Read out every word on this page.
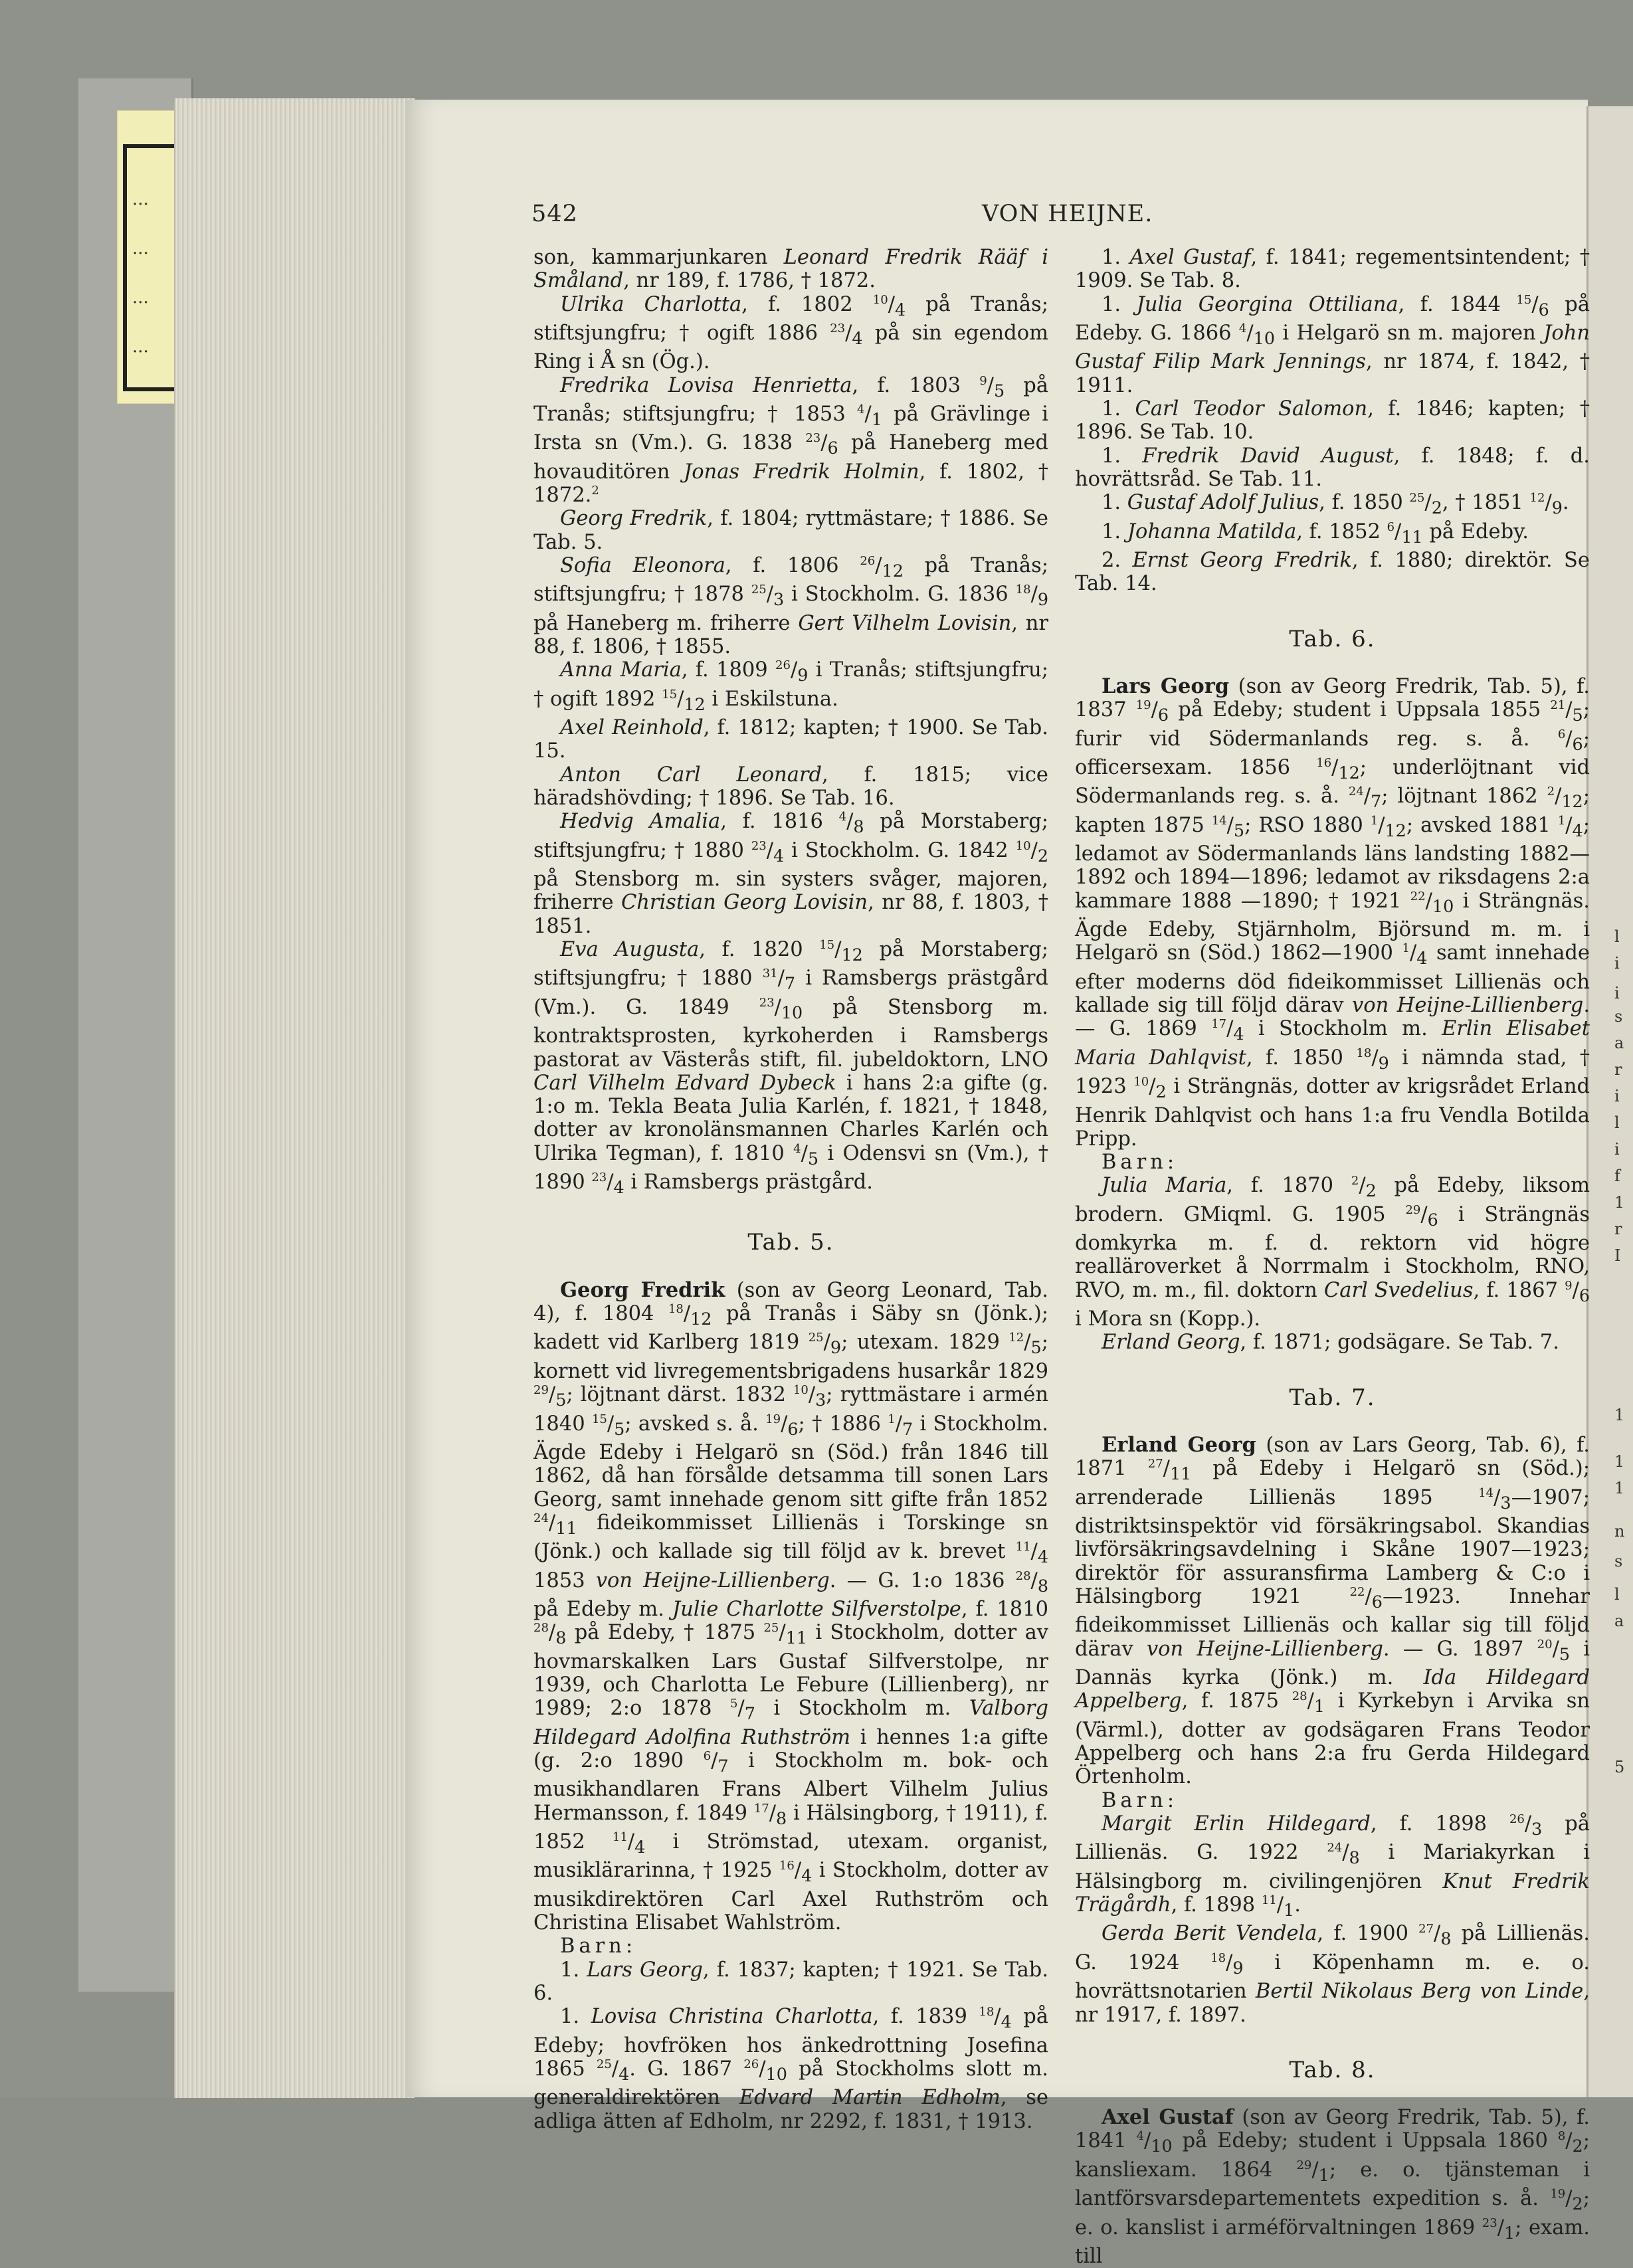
...
...
...
...
542	VON HEIJNE.

son, kammarjunkaren Leonard Fredrik Rääf i Småland, nr 189, f. 1786, † 1872.

Ulrika Charlotta, f. 1802 $^{10}/_4$ på Tranås; stiftsjungfru; † ogift 1886 $^{23}/_4$ på sin egendom Ring i Å sn (Ög.).

Fredrika Lovisa Henrietta, f. 1803 $^9/_5$ på Tranås; stiftsjungfru; † 1853 $^4/_1$ på Grävlinge i Irsta sn (Vm.). G. 1838 $^{23}/_6$ på Haneberg med hovauditören Jonas Fredrik Holmin, f. 1802, † 1872.$^2$

Georg Fredrik, f. 1804; ryttmästare; † 1886. Se Tab. 5.

Sofia Eleonora, f. 1806 $^{26}/_{12}$ på Tranås; stiftsjungfru; † 1878 $^{25}/_3$ i Stockholm. G. 1836 $^{18}/_9$ på Haneberg m. friherre Gert Vilhelm Lovisin, nr 88, f. 1806, † 1855.

Anna Maria, f. 1809 $^{26}/_9$ i Tranås; stiftsjungfru; † ogift 1892 $^{15}/_{12}$ i Eskilstuna.

Axel Reinhold, f. 1812; kapten; † 1900. Se Tab. 15.

Anton Carl Leonard, f. 1815; vice häradshövding; † 1896. Se Tab. 16.

Hedvig Amalia, f. 1816 $^4/_8$ på Morstaberg; stiftsjungfru; † 1880 $^{23}/_4$ i Stockholm. G. 1842 $^{10}/_2$ på Stensborg m. sin systers svåger, majoren, friherre Christian Georg Lovisin, nr 88, f. 1803, † 1851.

Eva Augusta, f. 1820 $^{15}/_{12}$ på Morstaberg; stiftsjungfru; † 1880 $^{31}/_7$ i Ramsbergs prästgård (Vm.). G. 1849 $^{23}/_{10}$ på Stensborg m. kontraktsprosten, kyrkoherden i Ramsbergs pastorat av Västerås stift, fil. jubeldoktorn, LNO Carl Vilhelm Edvard Dybeck i hans 2:a gifte (g. 1:o m. Tekla Beata Julia Karlén, f. 1821, † 1848, dotter av kronolänsmannen Charles Karlén och Ulrika Tegman), f. 1810 $^4/_5$ i Odensvi sn (Vm.), † 1890 $^{23}/_4$ i Ramsbergs prästgård.

Tab. 5.

Georg Fredrik (son av Georg Leonard, Tab. 4), f. 1804 $^{18}/_{12}$ på Tranås i Säby sn (Jönk.); kadett vid Karlberg 1819 $^{25}/_9$; utexam. 1829 $^{12}/_5$; kornett vid livregementsbrigadens husarkår 1829 $^{29}/_5$; löjtnant därst. 1832 $^{10}/_3$; ryttmästare i armén 1840 $^{15}/_5$; avsked s. å. $^{19}/_6$; † 1886 $^1/_7$ i Stockholm. Ägde Edeby i Helgarö sn (Söd.) från 1846 till 1862, då han försålde detsamma till sonen Lars Georg, samt innehade genom sitt gifte från 1852 $^{24}/_{11}$ fideikommisset Lillienäs i Torskinge sn (Jönk.) och kallade sig till följd av k. brevet $^{11}/_4$ 1853 von Heijne-Lillienberg. — G. 1:o 1836 $^{28}/_8$ på Edeby m. Julie Charlotte Silfverstolpe, f. 1810 $^{28}/_8$ på Edeby, † 1875 $^{25}/_{11}$ i Stockholm, dotter av hovmarskalken Lars Gustaf Silfverstolpe, nr 1939, och Charlotta Le Febure (Lillienberg), nr 1989; 2:o 1878 $^5/_7$ i Stockholm m. Valborg Hildegard Adolfina Ruthström i hennes 1:a gifte (g. 2:o 1890 $^6/_7$ i Stockholm m. bok- och musikhandlaren Frans Albert Vilhelm Julius Hermansson, f. 1849 $^{17}/_8$ i Hälsingborg, † 1911), f. 1852 $^{11}/_4$ i Strömstad, utexam. organist, musiklärarinna, † 1925 $^{16}/_4$ i Stockholm, dotter av musikdirektören Carl Axel Ruthström och Christina Elisabet Wahlström.

Barn:

1. Lars Georg, f. 1837; kapten; † 1921. Se Tab. 6.

1. Lovisa Christina Charlotta, f. 1839 $^{18}/_4$ på Edeby; hovfröken hos änkedrottning Josefina 1865 $^{25}/_4$. G. 1867 $^{26}/_{10}$ på Stockholms slott m. generaldirektören Edvard Martin Edholm, se adliga ätten af Edholm, nr 2292, f. 1831, † 1913.

1. Axel Gustaf, f. 1841; regementsintendent; † 1909. Se Tab. 8.

1. Julia Georgina Ottiliana, f. 1844 $^{15}/_6$ på Edeby. G. 1866 $^4/_{10}$ i Helgarö sn m. majoren John Gustaf Filip Mark Jennings, nr 1874, f. 1842, † 1911.

1. Carl Teodor Salomon, f. 1846; kapten; † 1896. Se Tab. 10.

1. Fredrik David August, f. 1848; f. d. hovrättsråd. Se Tab. 11.

1. Gustaf Adolf Julius, f. 1850 $^{25}/_2$, † 1851 $^{12}/_9$.

1. Johanna Matilda, f. 1852 $^6/_{11}$ på Edeby.

2. Ernst Georg Fredrik, f. 1880; direktör. Se Tab. 14.

Tab. 6.

Lars Georg (son av Georg Fredrik, Tab. 5), f. 1837 $^{19}/_6$ på Edeby; student i Uppsala 1855 $^{21}/_5$; furir vid Södermanlands reg. s. å. $^6/_6$; officersexam. 1856 $^{16}/_{12}$; underlöjtnant vid Södermanlands reg. s. å. $^{24}/_7$; löjtnant 1862 $^2/_{12}$; kapten 1875 $^{14}/_5$; RSO 1880 $^1/_{12}$; avsked 1881 $^1/_4$; ledamot av Södermanlands läns landsting 1882—1892 och 1894—1896; ledamot av riksdagens 2:a kammare 1888 —1890; † 1921 $^{22}/_{10}$ i Strängnäs. Ägde Edeby, Stjärnholm, Björsund m. m. i Helgarö sn (Söd.) 1862—1900 $^1/_4$ samt innehade efter moderns död fideikommisset Lillienäs och kallade sig till följd därav von Heijne-Lillienberg. — G. 1869 $^{17}/_4$ i Stockholm m. Erlin Elisabet Maria Dahlqvist, f. 1850 $^{18}/_9$ i nämnda stad, † 1923 $^{10}/_2$ i Strängnäs, dotter av krigsrådet Erland Henrik Dahlqvist och hans 1:a fru Vendla Botilda Pripp.

Barn:

Julia Maria, f. 1870 $^2/_2$ på Edeby, liksom brodern. GMiqml. G. 1905 $^{29}/_6$ i Strängnäs domkyrka m. f. d. rektorn vid högre realläroverket å Norrmalm i Stockholm, RNO, RVO, m. m., fil. doktorn Carl Svedelius, f. 1867 $^9/_6$ i Mora sn (Kopp.).

Erland Georg, f. 1871; godsägare. Se Tab. 7.

Tab. 7.

Erland Georg (son av Lars Georg, Tab. 6), f. 1871 $^{27}/_{11}$ på Edeby i Helgarö sn (Söd.); arrenderade Lillienäs 1895 $^{14}/_3—1907$; distriktsinspektör vid försäkringsabol. Skandias livförsäkringsavdelning i Skåne 1907—1923; direktör för assuransfirma Lamberg & C:o i Hälsingborg 1921 $^{22}/_6—1923$. Innehar fideikommisset Lillienäs och kallar sig till följd därav von Heijne-Lillienberg. — G. 1897 $^{20}/_5$ i Dannäs kyrka (Jönk.) m. Ida Hildegard Appelberg, f. 1875 $^{28}/_1$ i Kyrkebyn i Arvika sn (Värml.), dotter av godsägaren Frans Teodor Appelberg och hans 2:a fru Gerda Hildegard Örtenholm.

Barn:

Margit Erlin Hildegard, f. 1898 $^{26}/_3$ på Lillienäs. G. 1922 $^{24}/_8$ i Mariakyrkan i Hälsingborg m. civilingenjören Knut Fredrik Trägårdh, f. 1898 $^{11}/_1$.

Gerda Berit Vendela, f. 1900 $^{27}/_8$ på Lillienäs. G. 1924 $^{18}/_9$ i Köpenhamn m. e. o. hovrättsnotarien Bertil Nikolaus Berg von Linde, nr 1917, f. 1897.

Tab. 8.

Axel Gustaf (son av Georg Fredrik, Tab. 5), f. 1841 $^4/_{10}$ på Edeby; student i Uppsala 1860 $^8/_2$; kansliexam. 1864 $^{29}/_1$; e. o. tjänsteman i lantförsvarsdepartementets expedition s. å. $^{19}/_2$; e. o. kanslist i arméförvaltningen 1869 $^{23}/_1$; exam. till

l
i
i
s
a
r
i
l
i
f
1
r
I
1
1
1
n
s
l
a
5
